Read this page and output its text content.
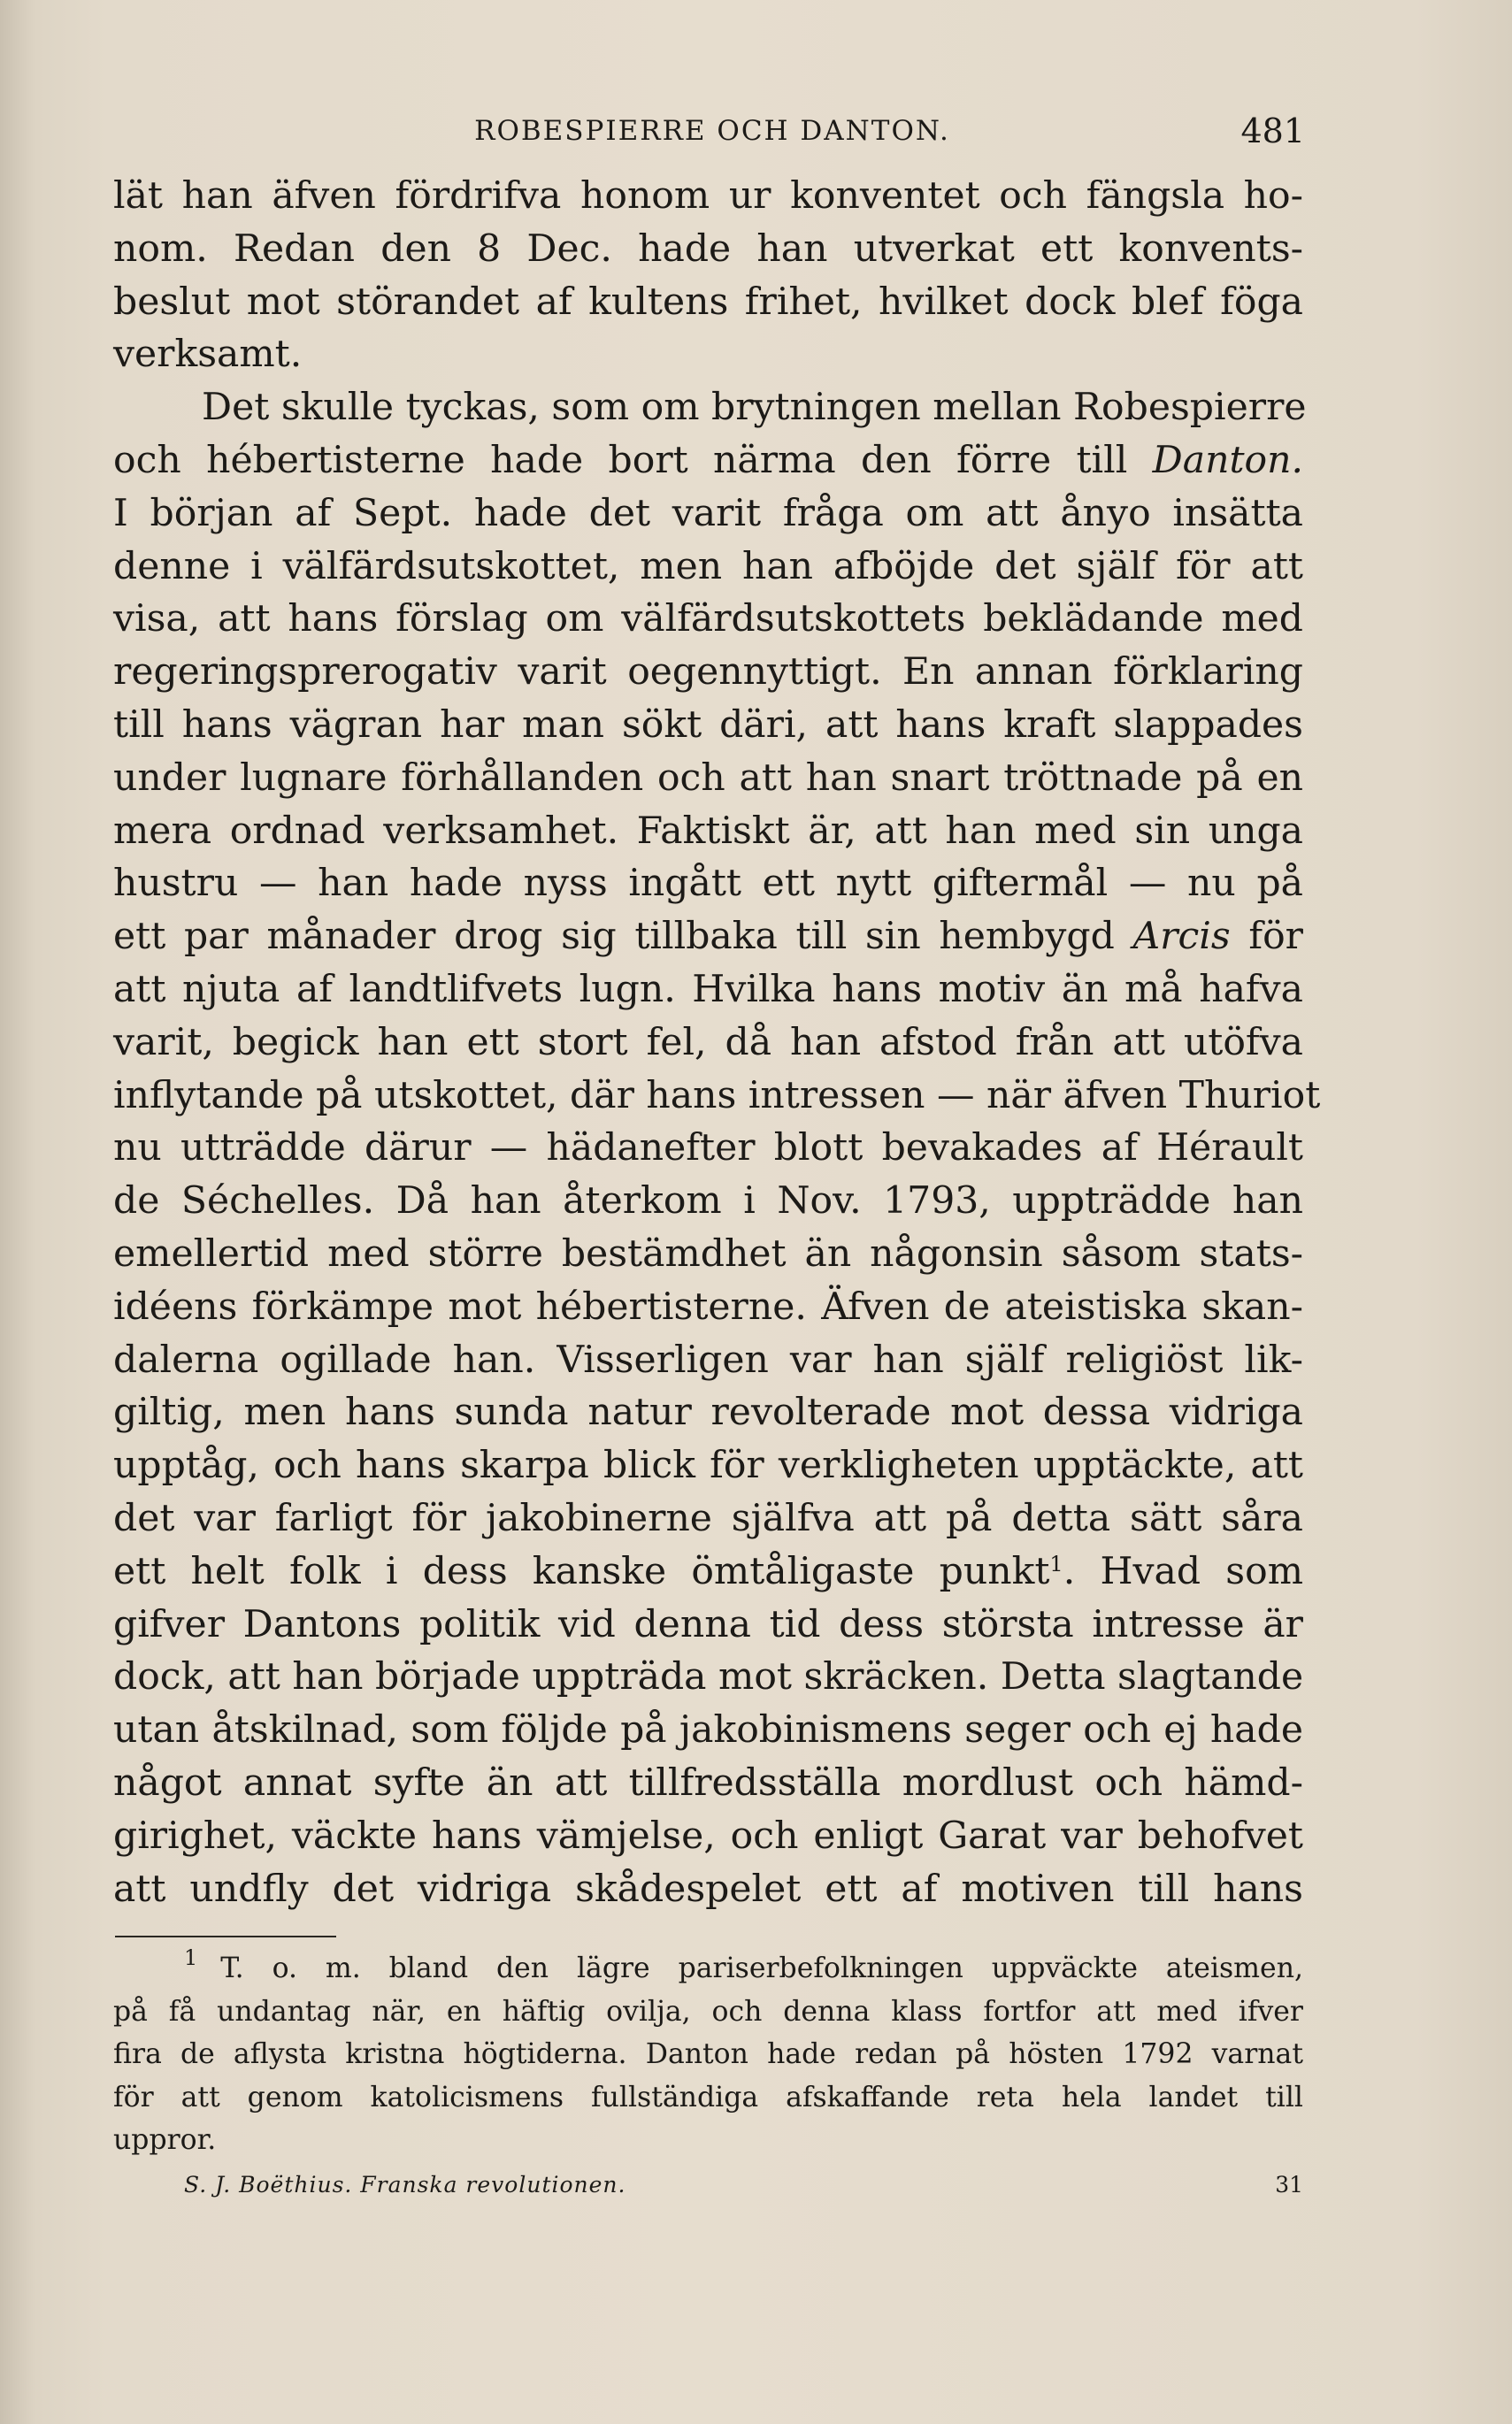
ROBESPIERRE OCH DANTON.	481
lät han äfven fördrifva honom ur konventet och fängsla ho-
nom. Redan den 8 Dec. hade han utverkat ett konvents-
beslut mot störandet af kultens frihet, hvilket dock blef föga
verksamt.
Det skulle tyckas, som om brytningen mellan Robespierre
och hébertisterne hade bort närma den förre till Danton.
I början af Sept. hade det varit fråga om att ånyo insätta
denne i välfärdsutskottet, men han afböjde det själf för att
visa, att hans förslag om välfärdsutskottets beklädande med
regeringsprerogativ varit oegennyttigt. En annan förklaring
till hans vägran har man sökt däri, att hans kraft slappades
under lugnare förhållanden och att han snart tröttnade på en
mera ordnad verksamhet. Faktiskt är, att han med sin unga
hustru — han hade nyss ingått ett nytt giftermål — nu på
ett par månader drog sig tillbaka till sin hembygd Arcis för
att njuta af landtlifvets lugn. Hvilka hans motiv än må hafva
varit, begick han ett stort fel, då han afstod från att utöfva
inflytande på utskottet, där hans intressen — när äfven Thuriot
nu utträdde därur — hädanefter blott bevakades af Hérault
de Séchelles. Då han återkom i Nov. 1793, uppträdde han
emellertid med större bestämdhet än någonsin såsom stats-
idéens förkämpe mot hébertisterne. Äfven de ateistiska skan-
dalerna ogillade han. Visserligen var han själf religiöst lik-
giltig, men hans sunda natur revolterade mot dessa vidriga
upptåg, och hans skarpa blick för verkligheten upptäckte, att
det var farligt för jakobinerne själfva att på detta sätt såra
ett helt folk i dess kanske ömtåligaste punkt$^1$. Hvad som
gifver Dantons politik vid denna tid dess största intresse är
dock, att han började uppträda mot skräcken. Detta slagtande
utan åtskilnad, som följde på jakobinismens seger och ej hade
något annat syfte än att tillfredsställa mordlust och hämd-
girighet, väckte hans vämjelse, och enligt Garat var behofvet
att undfly det vidriga skådespelet ett af motiven till hans
$^1$ T. o. m. bland den lägre pariserbefolkningen uppväckte ateismen,
på få undantag när, en häftig ovilja, och denna klass fortfor att med ifver
fira de aflysta kristna högtiderna. Danton hade redan på hösten 1792 varnat
för att genom katolicismens fullständiga afskaffande reta hela landet till
uppror.
S. J. Boëthius. Franska revolutionen.	31
